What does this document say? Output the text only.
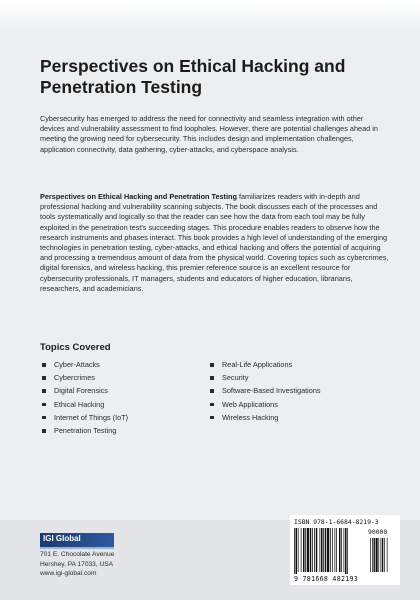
Perspectives on Ethical Hacking and Penetration Testing

Cybersecurity has emerged to address the need for connectivity and seamless integration with other devices and vulnerability assessment to find loopholes. However, there are potential challenges ahead in meeting the growing need for cybersecurity. This includes design and implementation challenges, application connectivity, data gathering, cyber-attacks, and cyberspace analysis.

Perspectives on Ethical Hacking and Penetration Testing familiarizes readers with in-depth and professional hacking and vulnerability scanning subjects. The book discusses each of the processes and tools systematically and logically so that the reader can see how the data from each tool may be fully exploited in the penetration test's succeeding stages. This procedure enables readers to observe how the research instruments and phases interact. This book provides a high level of understanding of the emerging technologies in penetration testing, cyber-attacks, and ethical hacking and offers the potential of acquiring and processing a tremendous amount of data from the physical world. Covering topics such as cybercrimes, digital forensics, and wireless hacking, this premier reference source is an excellent resource for cybersecurity professionals, IT managers, students and educators of higher education, librarians, researchers, and academicians.

Topics Covered
Cyber-Attacks
Cybercrimes
Digital Forensics
Ethical Hacking
Internet of Things (IoT)
Penetration Testing
Real-Life Applications
Security
Software-Based Investigations
Web Applications
Wireless Hacking
IGI Global
701 E. Chocolate Avenue
Hershey, PA 17033, USA
www.igi-global.com
ISBN 978-1-6684-8219-3
90000
9 781668 482193
